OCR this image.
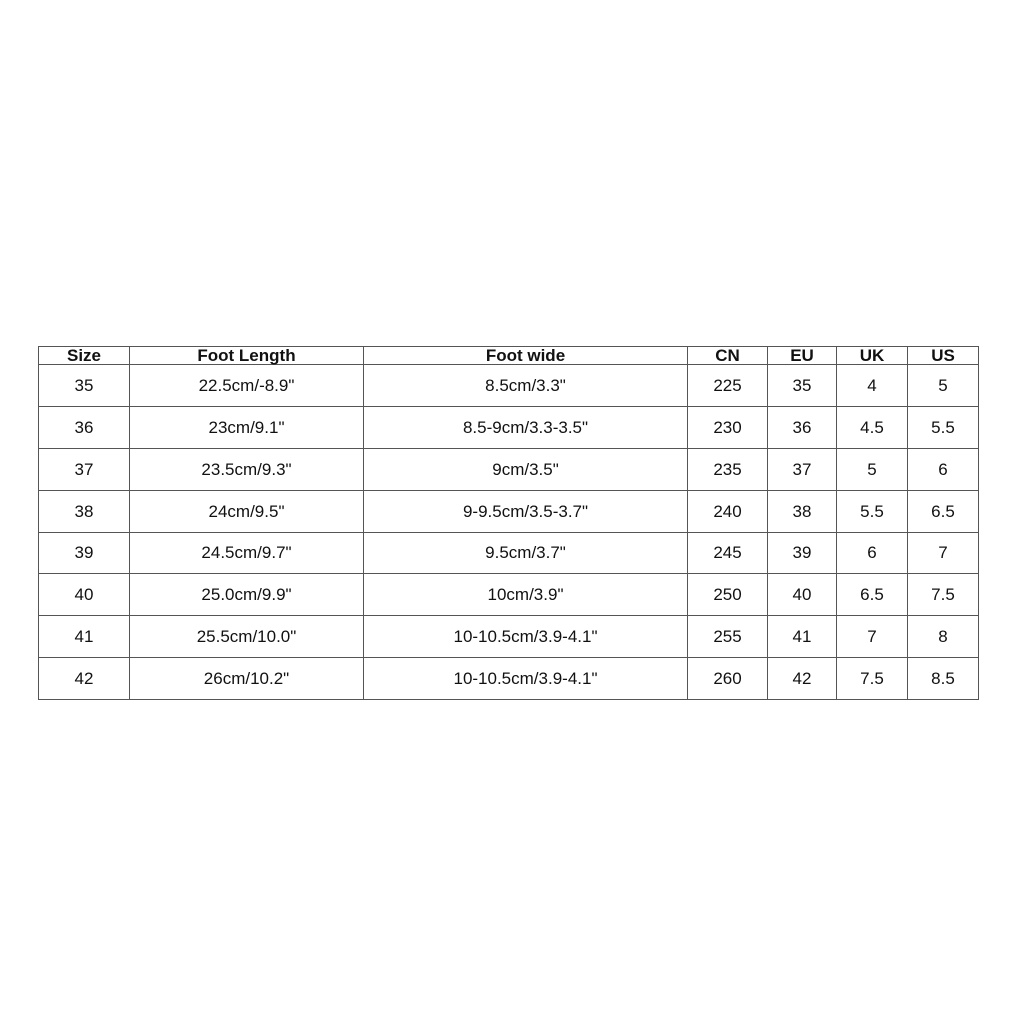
Size	Foot Length	Foot wide	CN	EU	UK	US
35	22.5cm/-8.9"	8.5cm/3.3"	225	35	4	5
36	23cm/9.1"	8.5-9cm/3.3-3.5"	230	36	4.5	5.5
37	23.5cm/9.3"	9cm/3.5"	235	37	5	6
38	24cm/9.5"	9-9.5cm/3.5-3.7"	240	38	5.5	6.5
39	24.5cm/9.7"	9.5cm/3.7"	245	39	6	7
40	25.0cm/9.9"	10cm/3.9"	250	40	6.5	7.5
41	25.5cm/10.0"	10-10.5cm/3.9-4.1"	255	41	7	8
42	26cm/10.2"	10-10.5cm/3.9-4.1"	260	42	7.5	8.5
